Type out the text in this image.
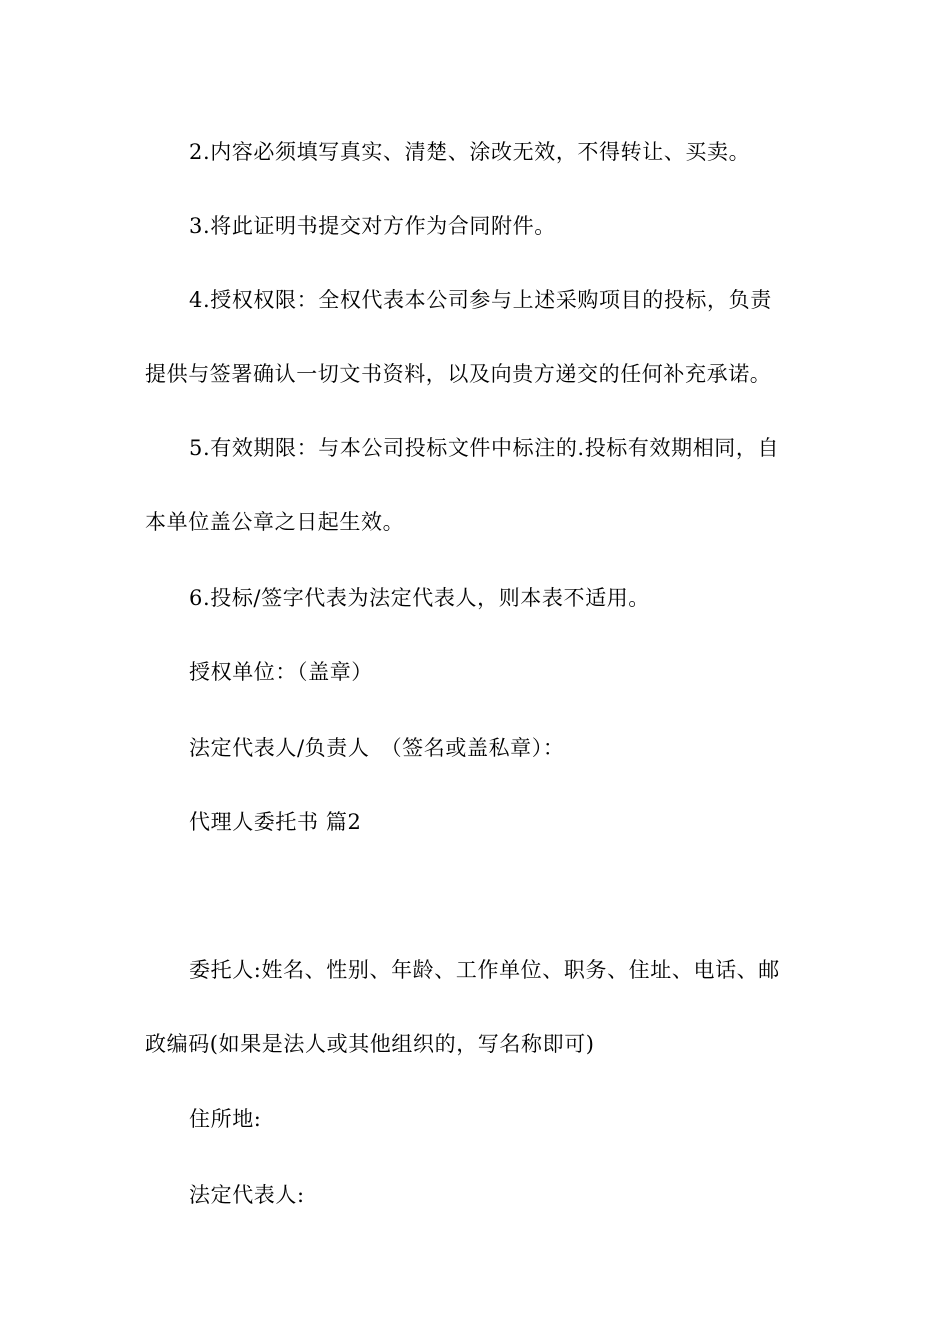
2.内容必须填写真实、清楚、涂改无效，不得转让、买卖。
3.将此证明书提交对方作为合同附件。
4.授权权限：全权代表本公司参与上述采购项目的投标，负责
提供与签署确认一切文书资料，以及向贵方递交的任何补充承诺。
5.有效期限：与本公司投标文件中标注的.投标有效期相同，自
本单位盖公章之日起生效。
6.投标/签字代表为法定代表人，则本表不适用。
授权单位：（盖章）
法定代表人/负责人　（签名或盖私章）：
代理人委托书 篇2
委托人:姓名、性别、年龄、工作单位、职务、住址、电话、邮
政编码(如果是法人或其他组织的，写名称即可)
住所地:
法定代表人:
